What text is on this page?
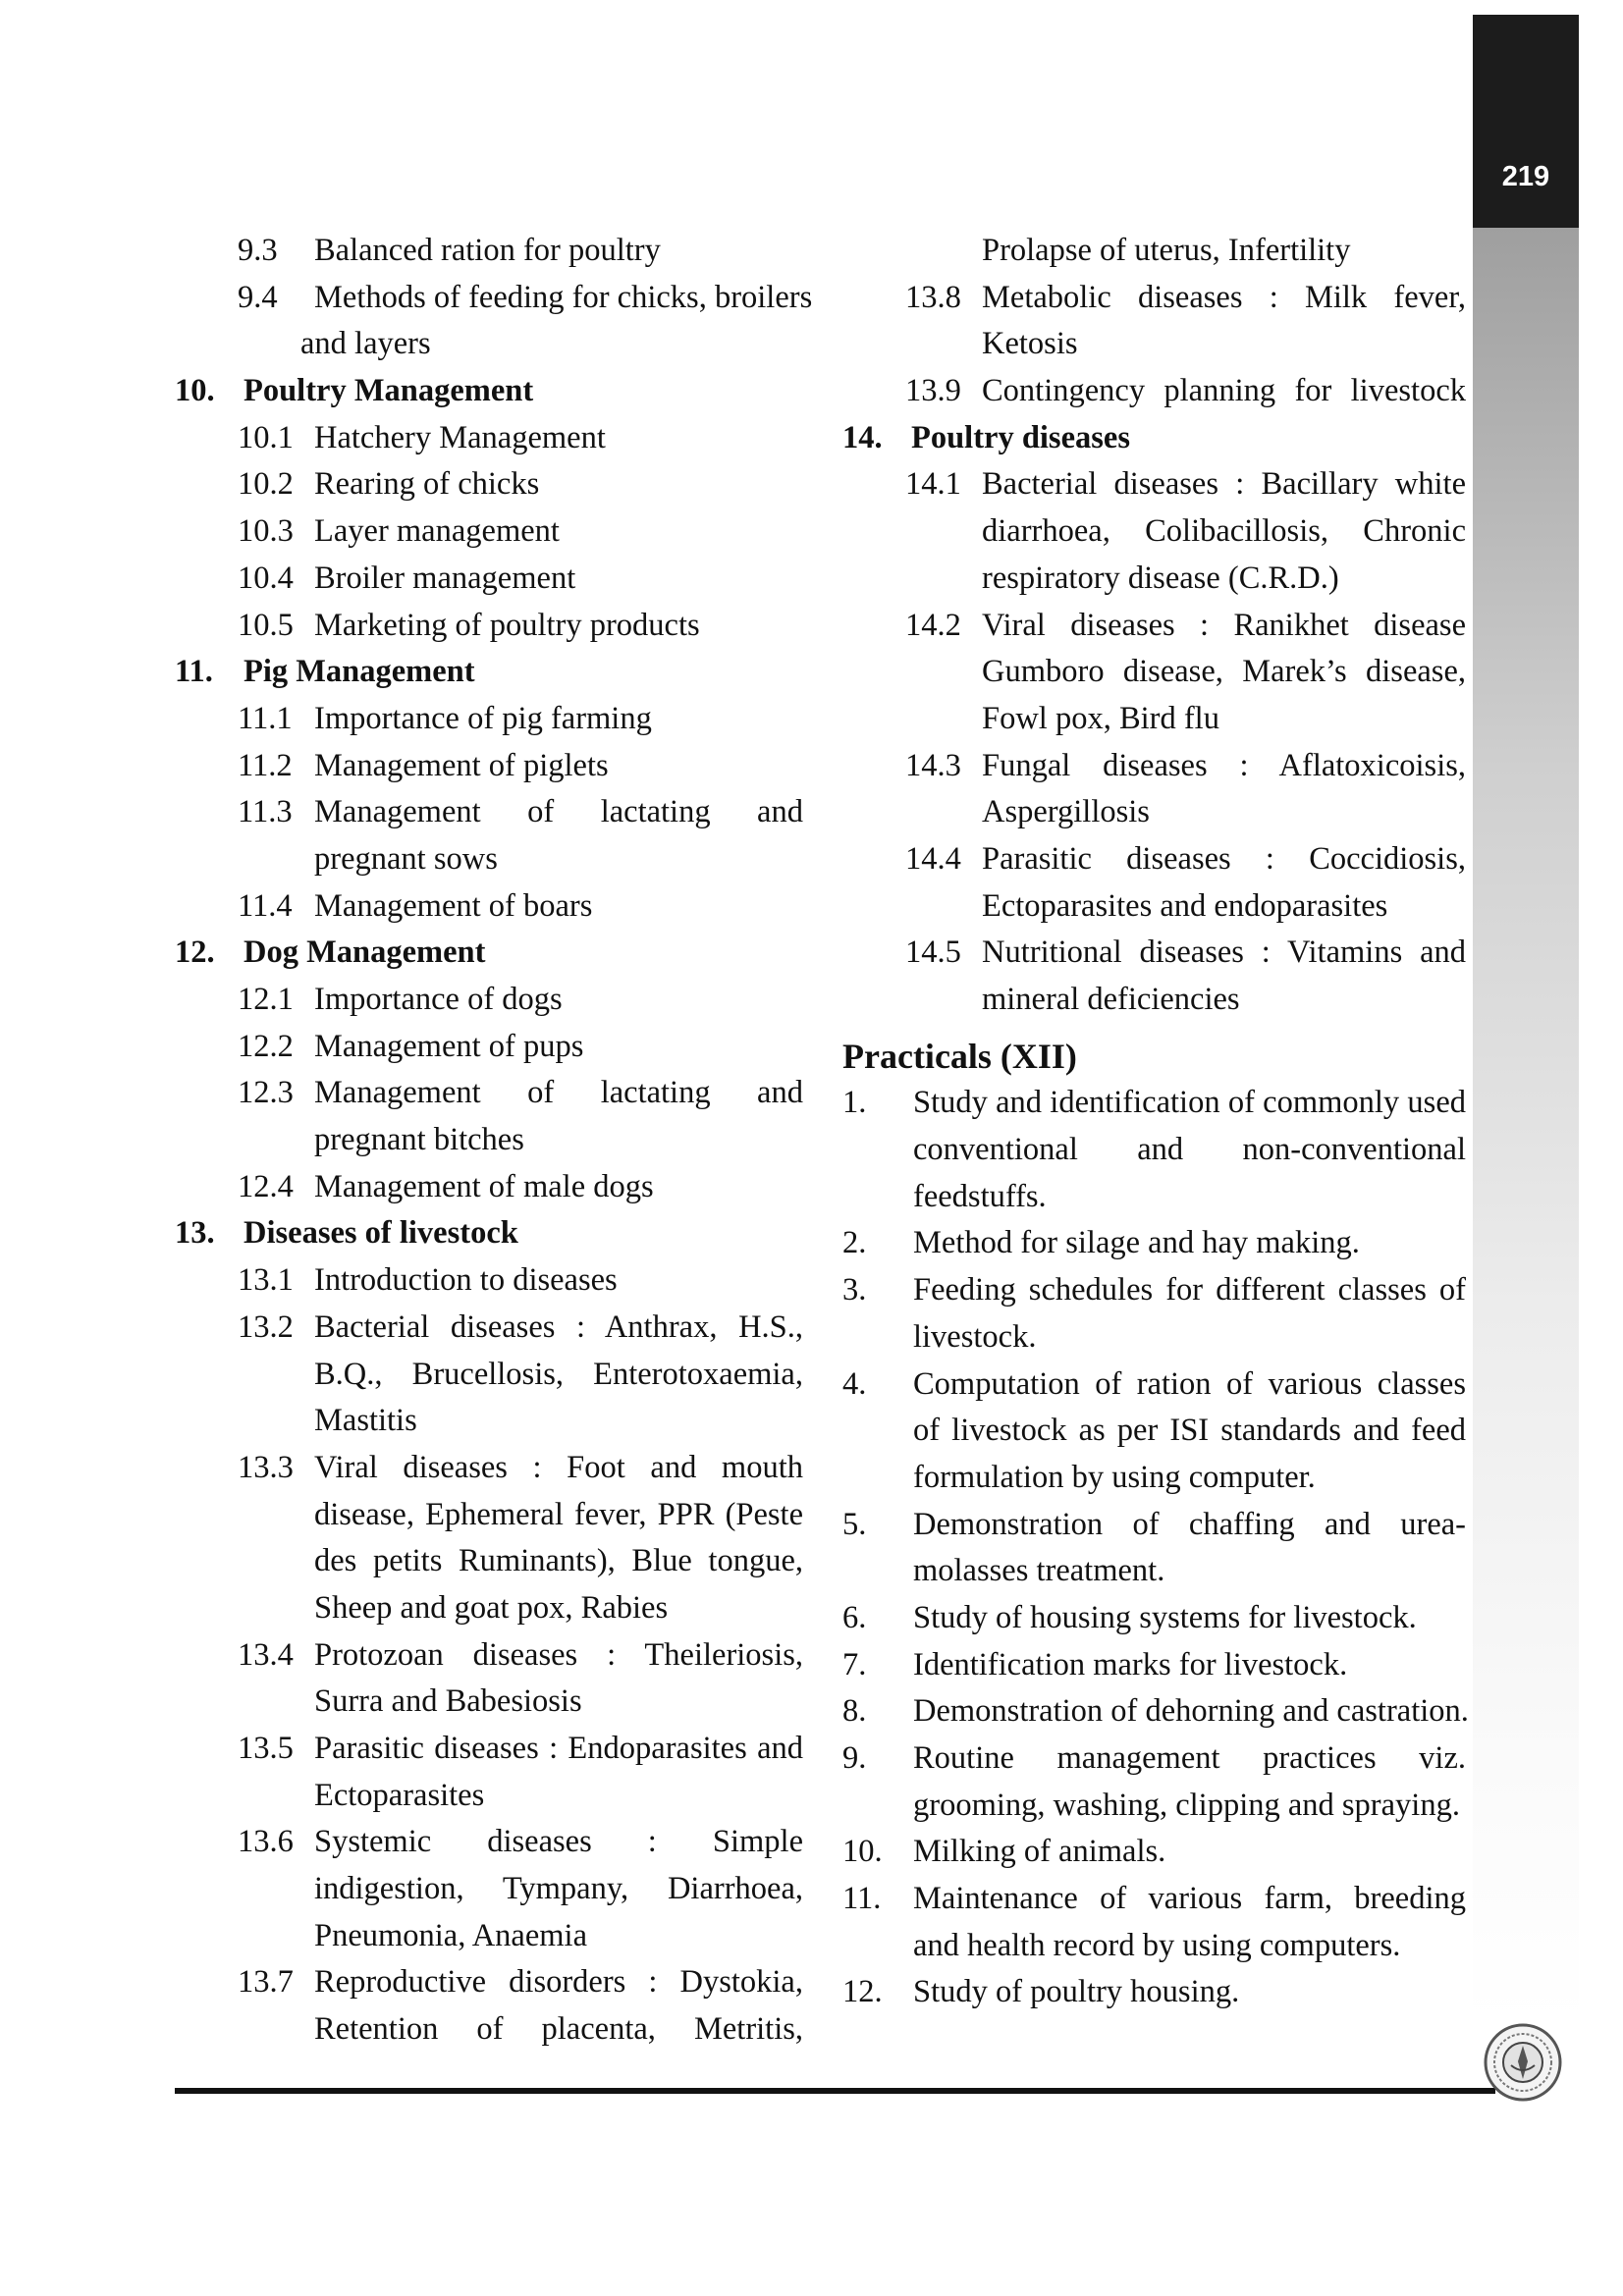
219
9.3	Balanced ration for poultry
9.4	Methods of feeding for chicks, broilers
and layers
10. Poultry Management
10.1 Hatchery Management
10.2 Rearing of chicks
10.3 Layer management
10.4 Broiler management
10.5 Marketing of poultry products
11. Pig Management
11.1 Importance of pig farming
11.2 Management of piglets
11.3 Management of lactating and
pregnant sows
11.4 Management of boars
12. Dog Management
12.1 Importance of dogs
12.2 Management of pups
12.3 Management of lactating and
pregnant bitches
12.4 Management of male dogs
13. Diseases of livestock
13.1 Introduction to diseases
13.2 Bacterial diseases : Anthrax, H.S.,
B.Q., Brucellosis, Enterotoxaemia,
Mastitis
13.3 Viral diseases : Foot and mouth
disease, Ephemeral fever, PPR (Peste
des petits Ruminants), Blue tongue,
Sheep and goat pox, Rabies
13.4 Protozoan diseases : Theileriosis,
Surra and Babesiosis
13.5 Parasitic diseases : Endoparasites and
Ectoparasites
13.6 Systemic diseases : Simple
indigestion, Tympany, Diarrhoea,
Pneumonia, Anaemia
13.7 Reproductive disorders : Dystokia,
Retention of placenta, Metritis,
Prolapse of uterus, Infertility
13.8 Metabolic diseases : Milk fever,
Ketosis
13.9 Contingency planning for livestock
14. Poultry diseases
14.1 Bacterial diseases : Bacillary white
diarrhoea, Colibacillosis, Chronic
respiratory disease (C.R.D.)
14.2 Viral diseases : Ranikhet disease
Gumboro disease, Marek’s disease,
Fowl pox, Bird flu
14.3 Fungal diseases : Aflatoxicoisis,
Aspergillosis
14.4 Parasitic diseases : Coccidiosis,
Ectoparasites and endoparasites
14.5 Nutritional diseases : Vitamins and
mineral deficiencies
Practicals (XII)
1.	Study and identification of commonly used
conventional and non-conventional
feedstuffs.
2.	Method for silage and hay making.
3.	Feeding schedules for different classes of
livestock.
4.	Computation of ration of various classes
of livestock as per ISI standards and feed
formulation by using computer.
5.	Demonstration of chaffing and urea-
molasses treatment.
6.	Study of housing systems for livestock.
7.	Identification marks for livestock.
8.	Demonstration of dehorning and castration.
9.	Routine management practices viz.
grooming, washing, clipping and spraying.
10. Milking of animals.
11.	Maintenance of various farm, breeding
and health record by using computers.
12. Study of poultry housing.
